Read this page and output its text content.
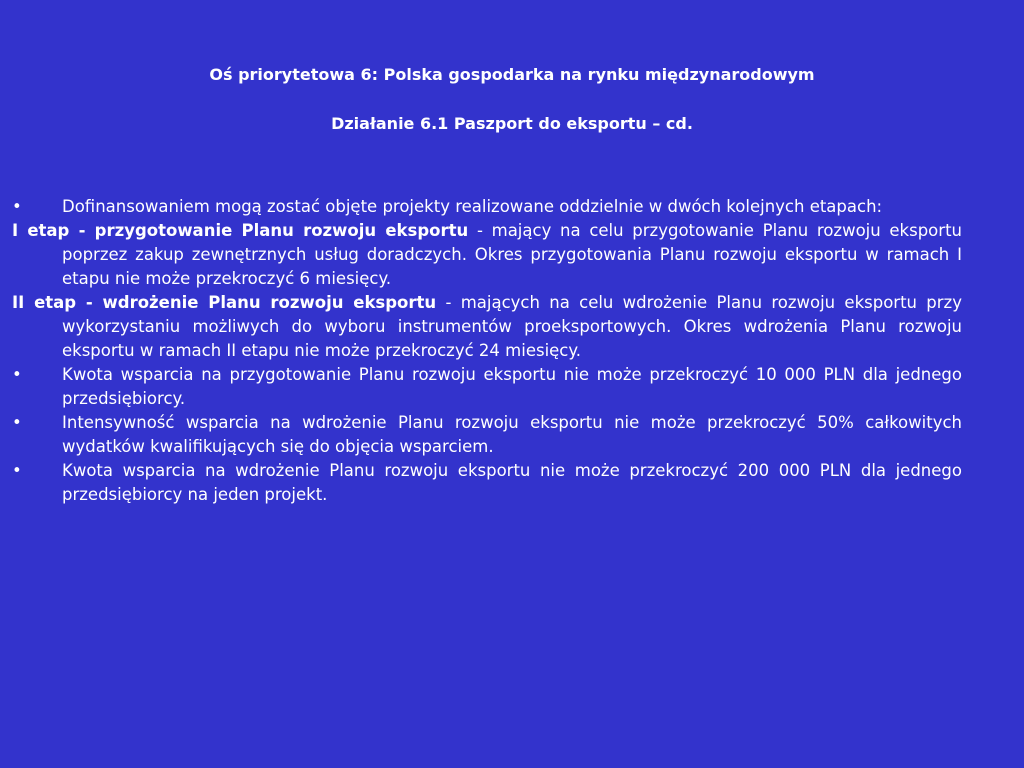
Oś priorytetowa 6: Polska gospodarka na rynku międzynarodowym
Działanie 6.1 Paszport do eksportu – cd.

•	Dofinansowaniem mogą zostać objęte projekty realizowane oddzielnie w dwóch kolejnych etapach:

I etap - przygotowanie Planu rozwoju eksportu - mający na celu przygotowanie Planu rozwoju eksportu poprzez zakup zewnętrznych usług doradczych. Okres przygotowania Planu rozwoju eksportu w ramach I etapu nie może przekroczyć 6 miesięcy.

II etap - wdrożenie Planu rozwoju eksportu - mających na celu wdrożenie Planu rozwoju eksportu przy wykorzystaniu możliwych do wyboru instrumentów proeksportowych. Okres wdrożenia Planu rozwoju eksportu w ramach II etapu nie może przekroczyć 24 miesięcy.

•	Kwota wsparcia na przygotowanie Planu rozwoju eksportu nie może przekroczyć 10 000 PLN dla jednego przedsiębiorcy.

•	Intensywność wsparcia na wdrożenie Planu rozwoju eksportu nie może przekroczyć 50% całkowitych wydatków kwalifikujących się do objęcia wsparciem.

•	Kwota wsparcia na wdrożenie Planu rozwoju eksportu nie może przekroczyć 200 000 PLN dla jednego przedsiębiorcy na jeden projekt.
